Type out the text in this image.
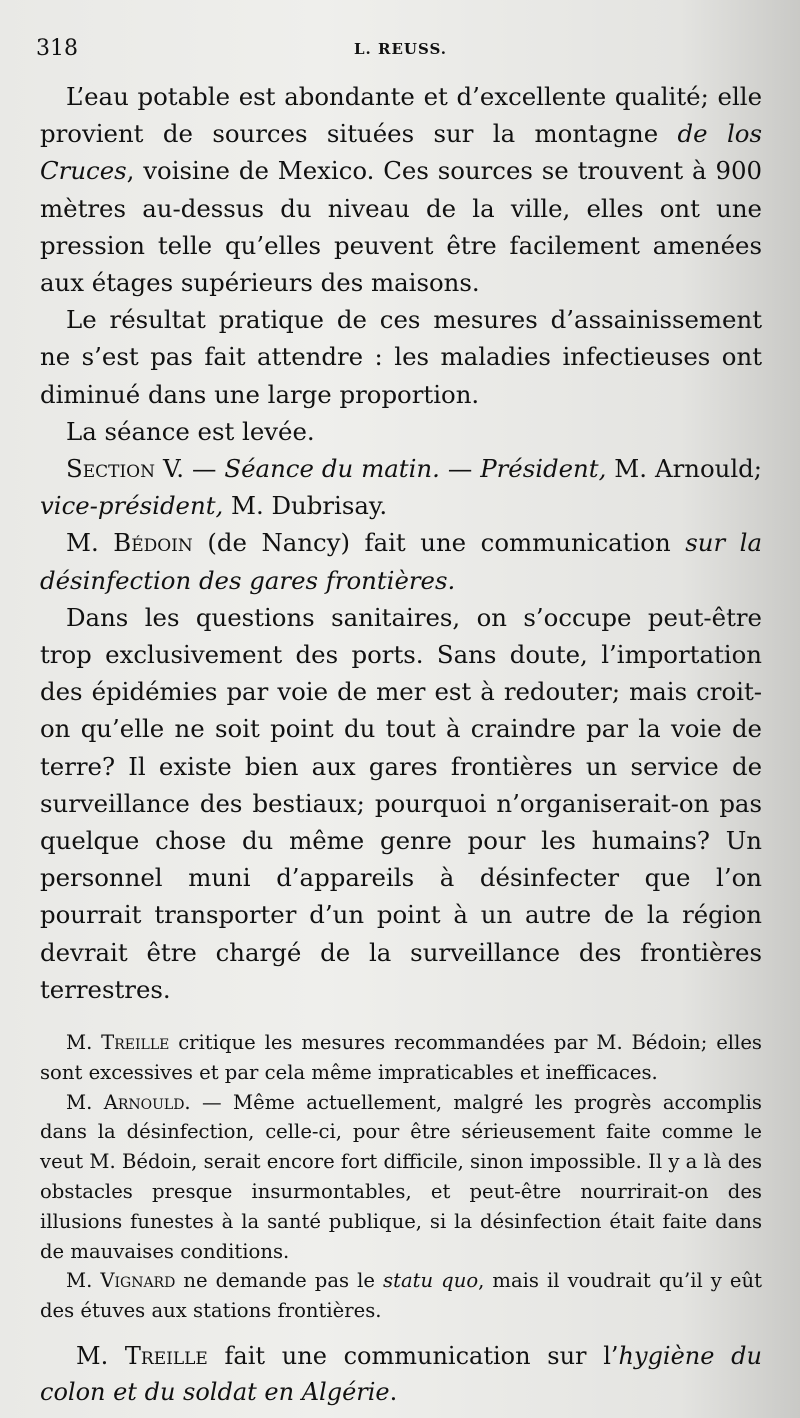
318	L. REUSS.

L’eau potable est abondante et d’excellente qualité; elle provient de sources situées sur la montagne de los Cruces, voisine de Mexico. Ces sources se trouvent à 900 mètres au-dessus du niveau de la ville, elles ont une pression telle qu’elles peuvent être facilement amenées aux étages supérieurs des maisons.

Le résultat pratique de ces mesures d’assainissement ne s’est pas fait attendre : les maladies infectieuses ont diminué dans une large proportion.

La séance est levée.

Section V. — Séance du matin. — Président, M. Arnould; vice-président, M. Dubrisay.

M. Bédoin (de Nancy) fait une communication sur la désinfection des gares frontières.

Dans les questions sanitaires, on s’occupe peut-être trop exclusivement des ports. Sans doute, l’importation des épidémies par voie de mer est à redouter; mais croit-on qu’elle ne soit point du tout à craindre par la voie de terre? Il existe bien aux gares frontières un service de surveillance des bestiaux; pourquoi n’organiserait-on pas quelque chose du même genre pour les humains? Un personnel muni d’appareils à désinfecter que l’on pourrait transporter d’un point à un autre de la région devrait être chargé de la surveillance des frontières terrestres.

M. Treille critique les mesures recommandées par M. Bédoin; elles sont excessives et par cela même impraticables et inefficaces.

M. Arnould. — Même actuellement, malgré les progrès accomplis dans la désinfection, celle-ci, pour être sérieusement faite comme le veut M. Bédoin, serait encore fort difficile, sinon impossible. Il y a là des obstacles presque insurmontables, et peut-être nourrirait-on des illusions funestes à la santé publique, si la désinfection était faite dans de mauvaises conditions.

M. Vignard ne demande pas le statu quo, mais il voudrait qu’il y eût des étuves aux stations frontières.

M. Treille fait une communication sur l’hygiène du colon et du soldat en Algérie.
